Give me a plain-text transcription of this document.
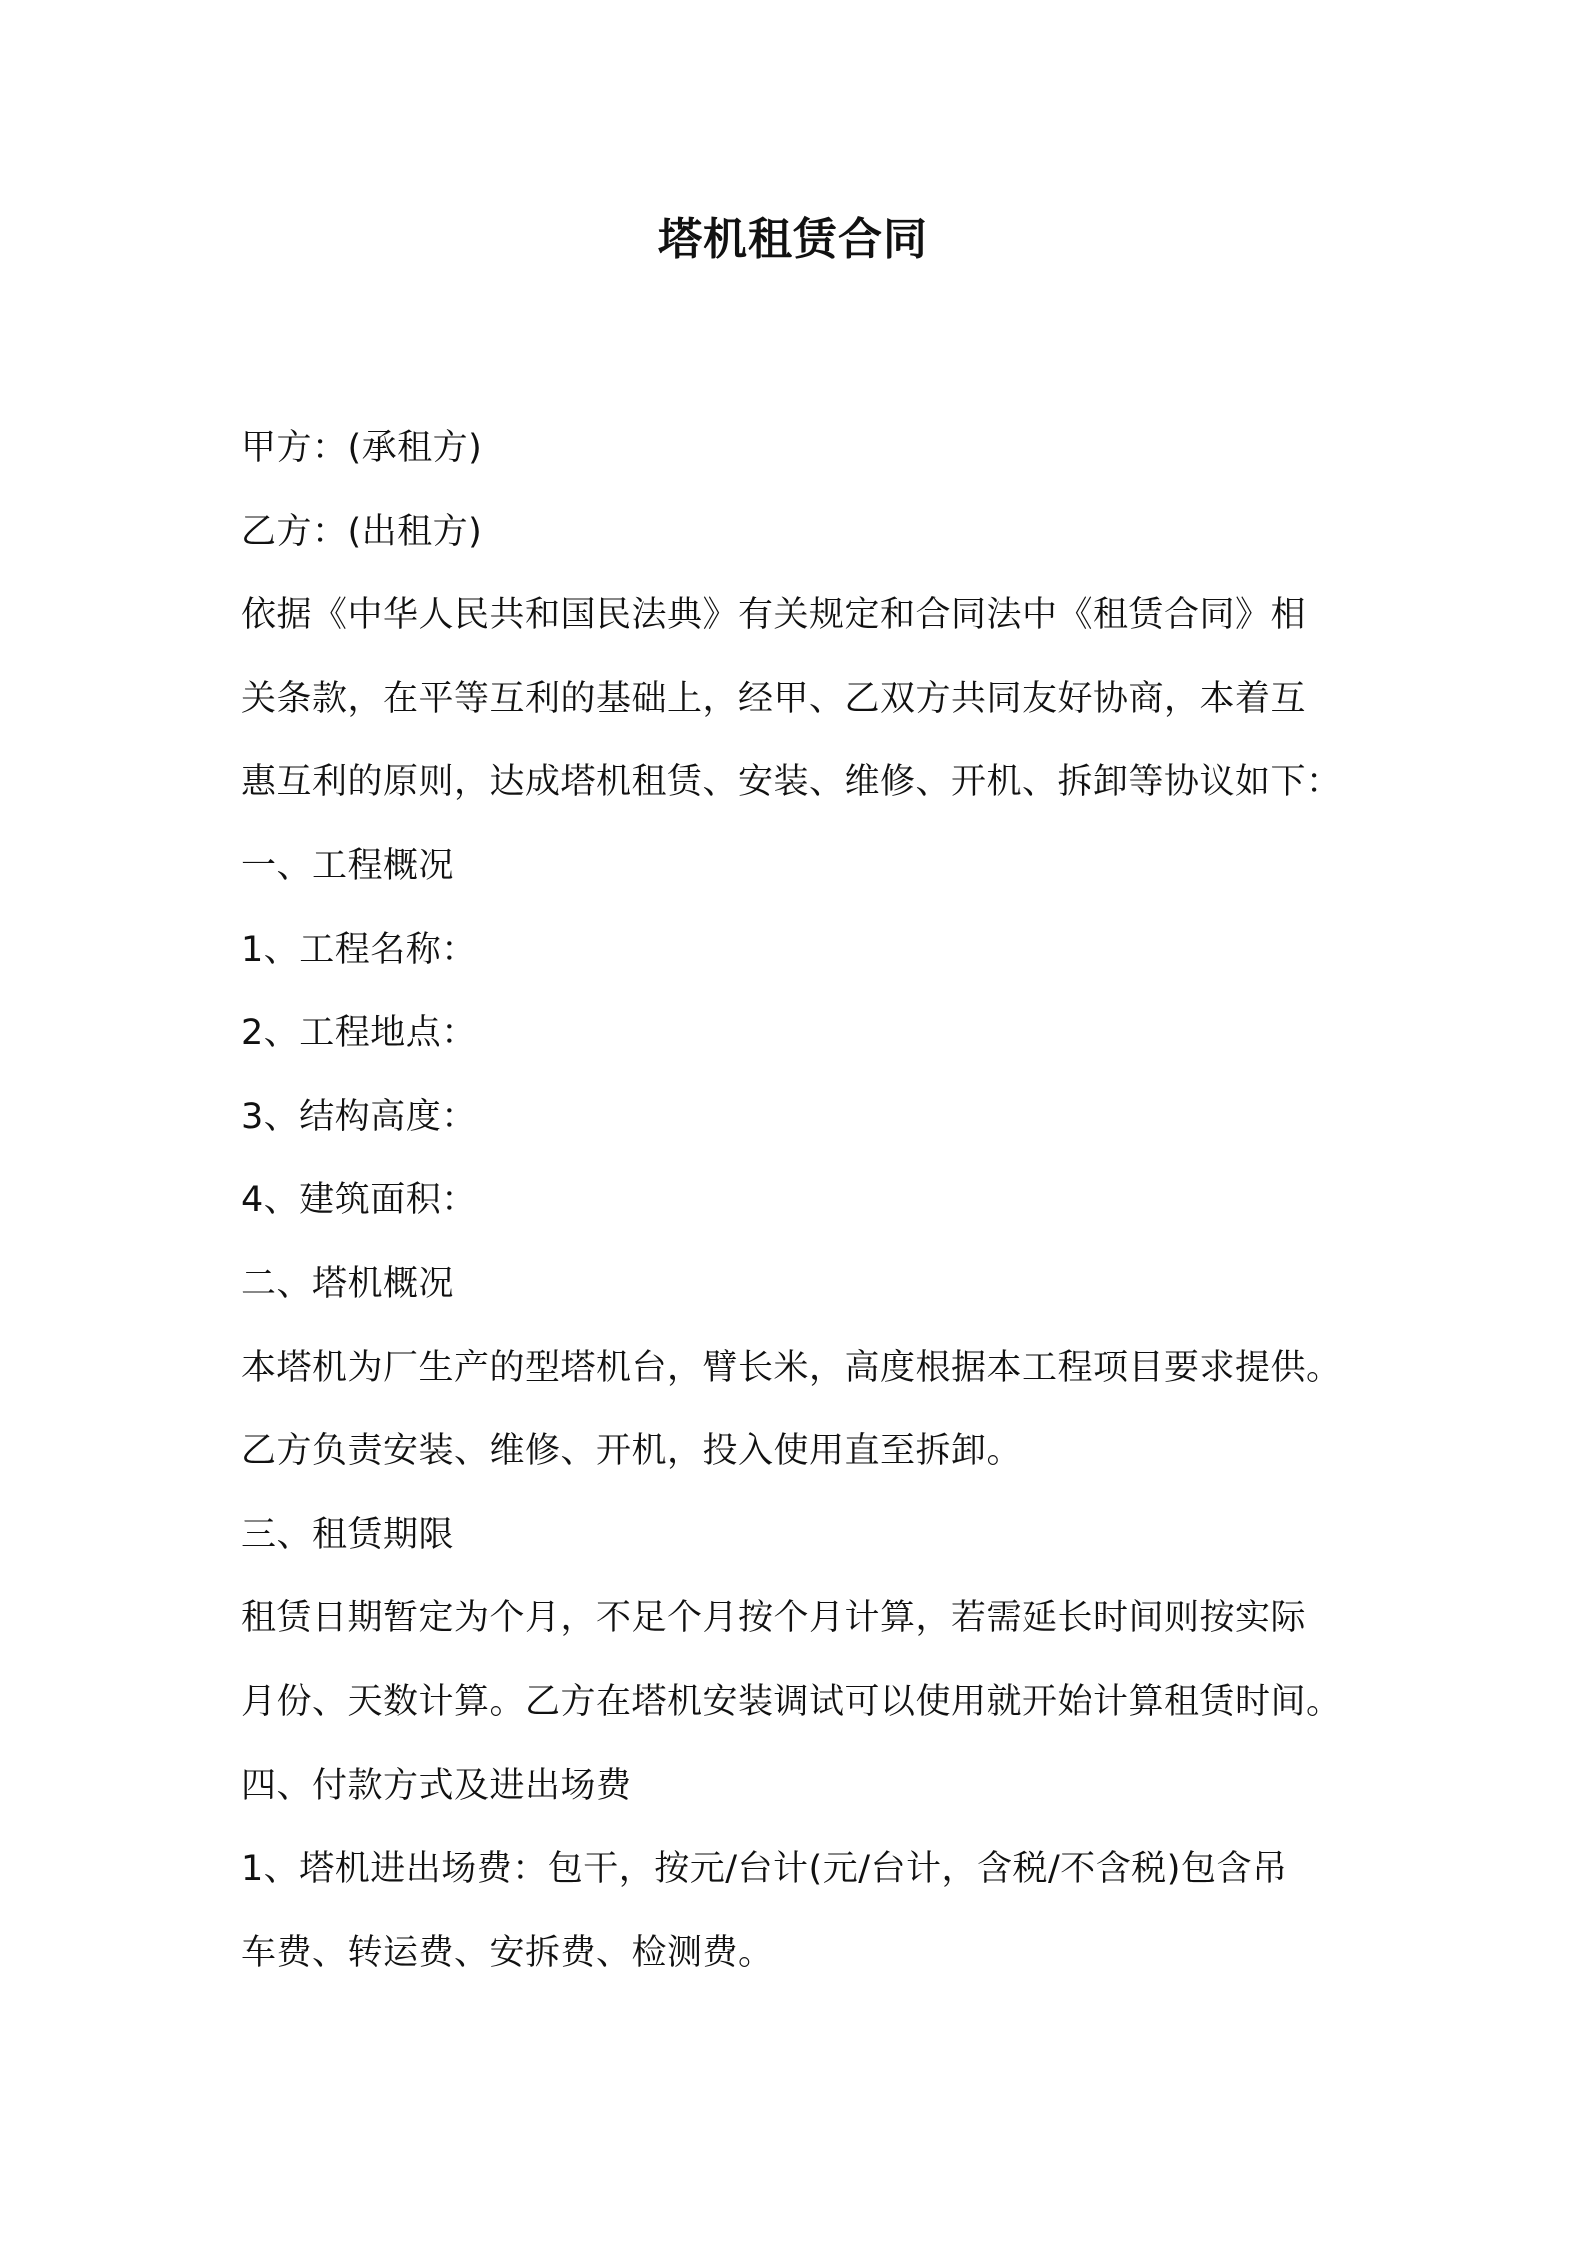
塔机租赁合同
甲方：(承租方)
乙方：(出租方)
依据《中华人民共和国民法典》有关规定和合同法中《租赁合同》相
关条款，在平等互利的基础上，经甲、乙双方共同友好协商，本着互
惠互利的原则，达成塔机租赁、安装、维修、开机、拆卸等协议如下：
一、工程概况
1、工程名称：
2、工程地点：
3、结构高度：
4、建筑面积：
二、塔机概况
本塔机为厂生产的型塔机台，臂长米，高度根据本工程项目要求提供。
乙方负责安装、维修、开机，投入使用直至拆卸。
三、租赁期限
租赁日期暂定为个月，不足个月按个月计算，若需延长时间则按实际
月份、天数计算。乙方在塔机安装调试可以使用就开始计算租赁时间。
四、付款方式及进出场费
1、塔机进出场费：包干，按元/台计(元/台计，含税/不含税)包含吊
车费、转运费、安拆费、检测费。
